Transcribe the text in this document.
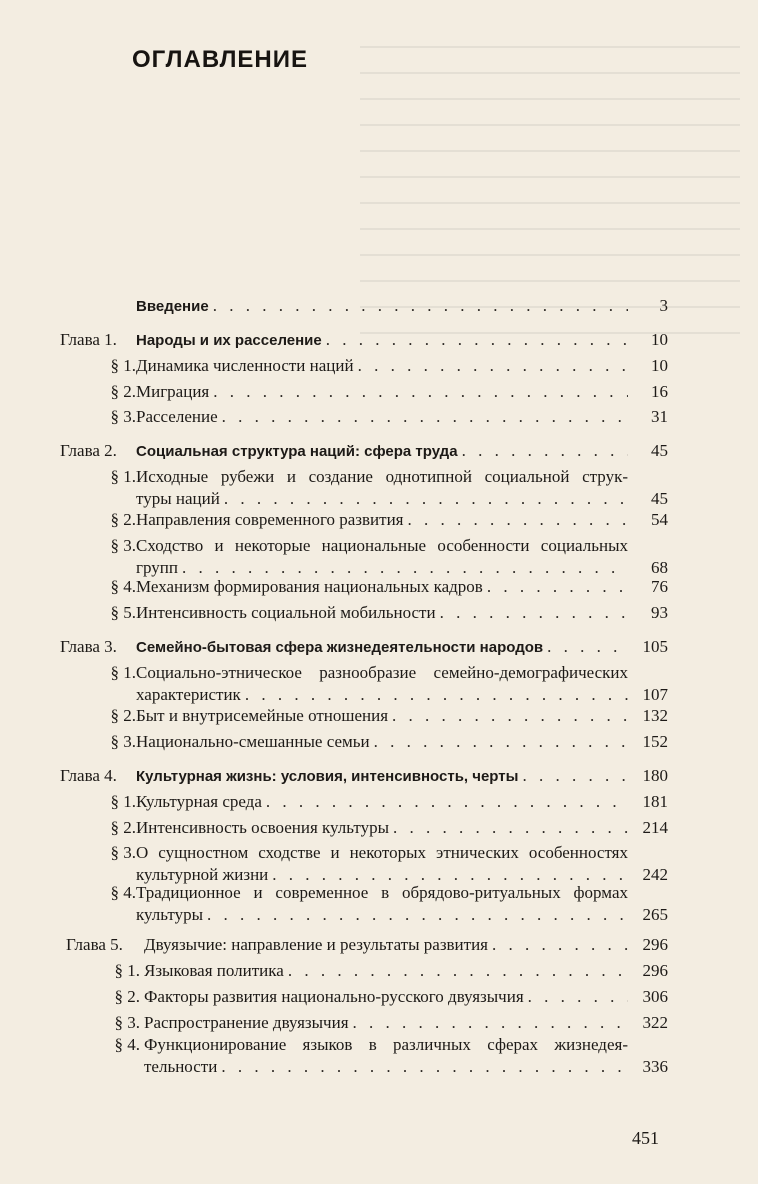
ОГЛАВЛЕНИЕ
Введение . . .	3
Глава 1.	Народы и их расселение . . .	10
§ 1. Динамика численности наций . . .	10
§ 2. Миграция . . .	16
§ 3. Расселение . . .	31
Глава 2.	Социальная структура наций: сфера труда . . .	45
§ 1. Исходные рубежи и создание однотипной социальной струк-
туры наций . . .	45
§ 2. Направления современного развития . . .	54
§ 3. Сходство и некоторые национальные особенности социальных
групп . . .	68
§ 4. Механизм формирования национальных кадров . . .	76
§ 5. Интенсивность социальной мобильности . . .	93
Глава 3.	Семейно-бытовая сфера жизнедеятельности народов . . .	105
§ 1. Социально-этническое разнообразие семейно-демографических
характеристик . . .	107
§ 2. Быт и внутрисемейные отношения . . .	132
§ 3. Национально-смешанные семьи . . .	152
Глава 4.	Культурная жизнь: условия, интенсивность, черты . . .	180
§ 1. Культурная среда . . .	181
§ 2. Интенсивность освоения культуры . . .	214
§ 3. О сущностном сходстве и некоторых этнических особенностях
культурной жизни . . .	242
§ 4. Традиционное и современное в обрядово-ритуальных формах
культуры . . .	265
Глава 5.	Двуязычие: направление и результаты развития . . .	296
§ 1. Языковая политика . . .	296
§ 2. Факторы развития национально-русского двуязычия . . .	306
§ 3. Распространение двуязычия . . .	322
§ 4. Функционирование языков в различных сферах жизнедея-
тельности . . .	336
451
